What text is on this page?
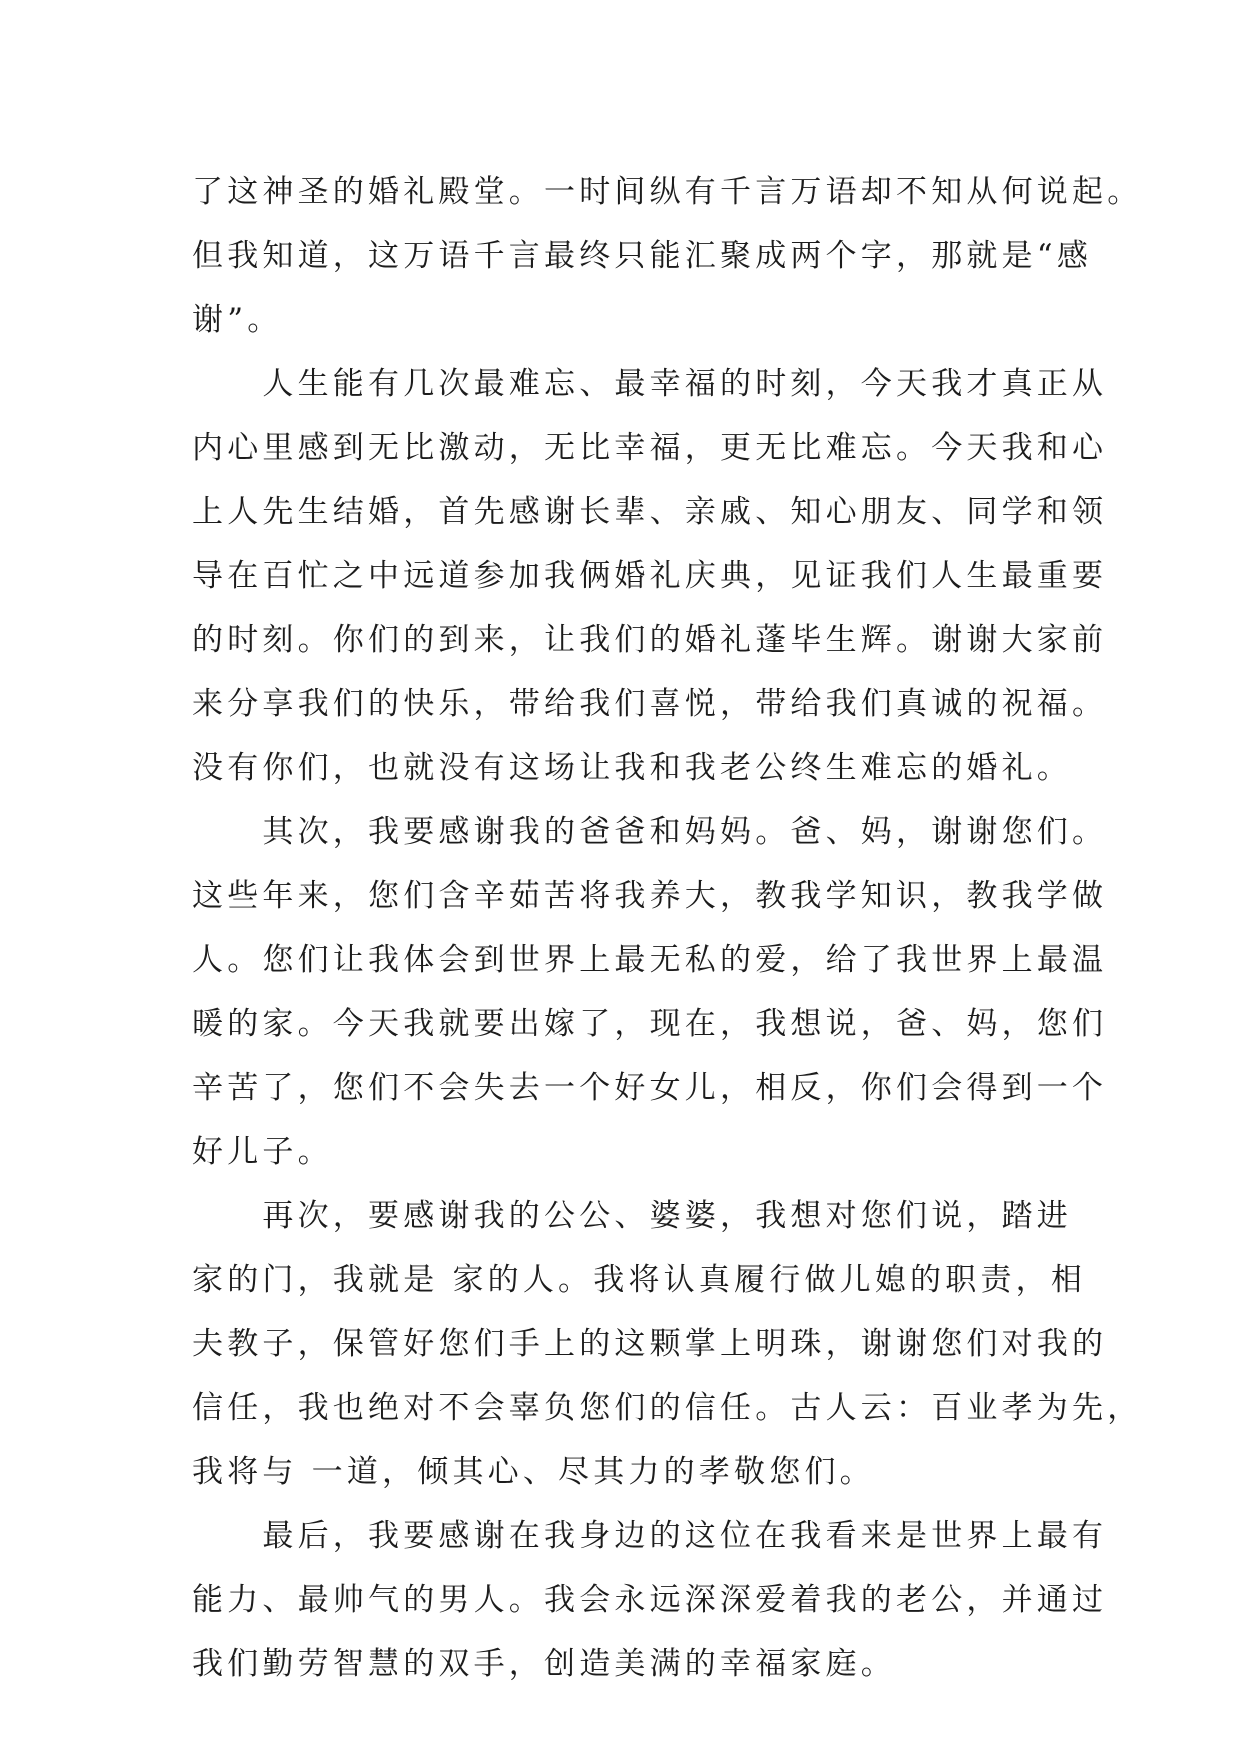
了这神圣的婚礼殿堂。一时间纵有千言万语却不知从何说起。
但我知道，这万语千言最终只能汇聚成两个字，那就是“感
谢”。
　　人生能有几次最难忘、最幸福的时刻，今天我才真正从
内心里感到无比激动，无比幸福，更无比难忘。今天我和心
上人先生结婚，首先感谢长辈、亲戚、知心朋友、同学和领
导在百忙之中远道参加我俩婚礼庆典，见证我们人生最重要
的时刻。你们的到来，让我们的婚礼蓬毕生辉。谢谢大家前
来分享我们的快乐，带给我们喜悦，带给我们真诚的祝福。
没有你们，也就没有这场让我和我老公终生难忘的婚礼。
　　其次，我要感谢我的爸爸和妈妈。爸、妈，谢谢您们。
这些年来，您们含辛茹苦将我养大，教我学知识，教我学做
人。您们让我体会到世界上最无私的爱，给了我世界上最温
暖的家。今天我就要出嫁了，现在，我想说，爸、妈，您们
辛苦了，您们不会失去一个好女儿，相反，你们会得到一个
好儿子。
　　再次，要感谢我的公公、婆婆，我想对您们说，踏进
家的门，我就是 家的人。我将认真履行做儿媳的职责，相
夫教子，保管好您们手上的这颗掌上明珠，谢谢您们对我的
信任，我也绝对不会辜负您们的信任。古人云：百业孝为先，
我将与 一道，倾其心、尽其力的孝敬您们。
　　最后，我要感谢在我身边的这位在我看来是世界上最有
能力、最帅气的男人。我会永远深深爱着我的老公，并通过
我们勤劳智慧的双手，创造美满的幸福家庭。
